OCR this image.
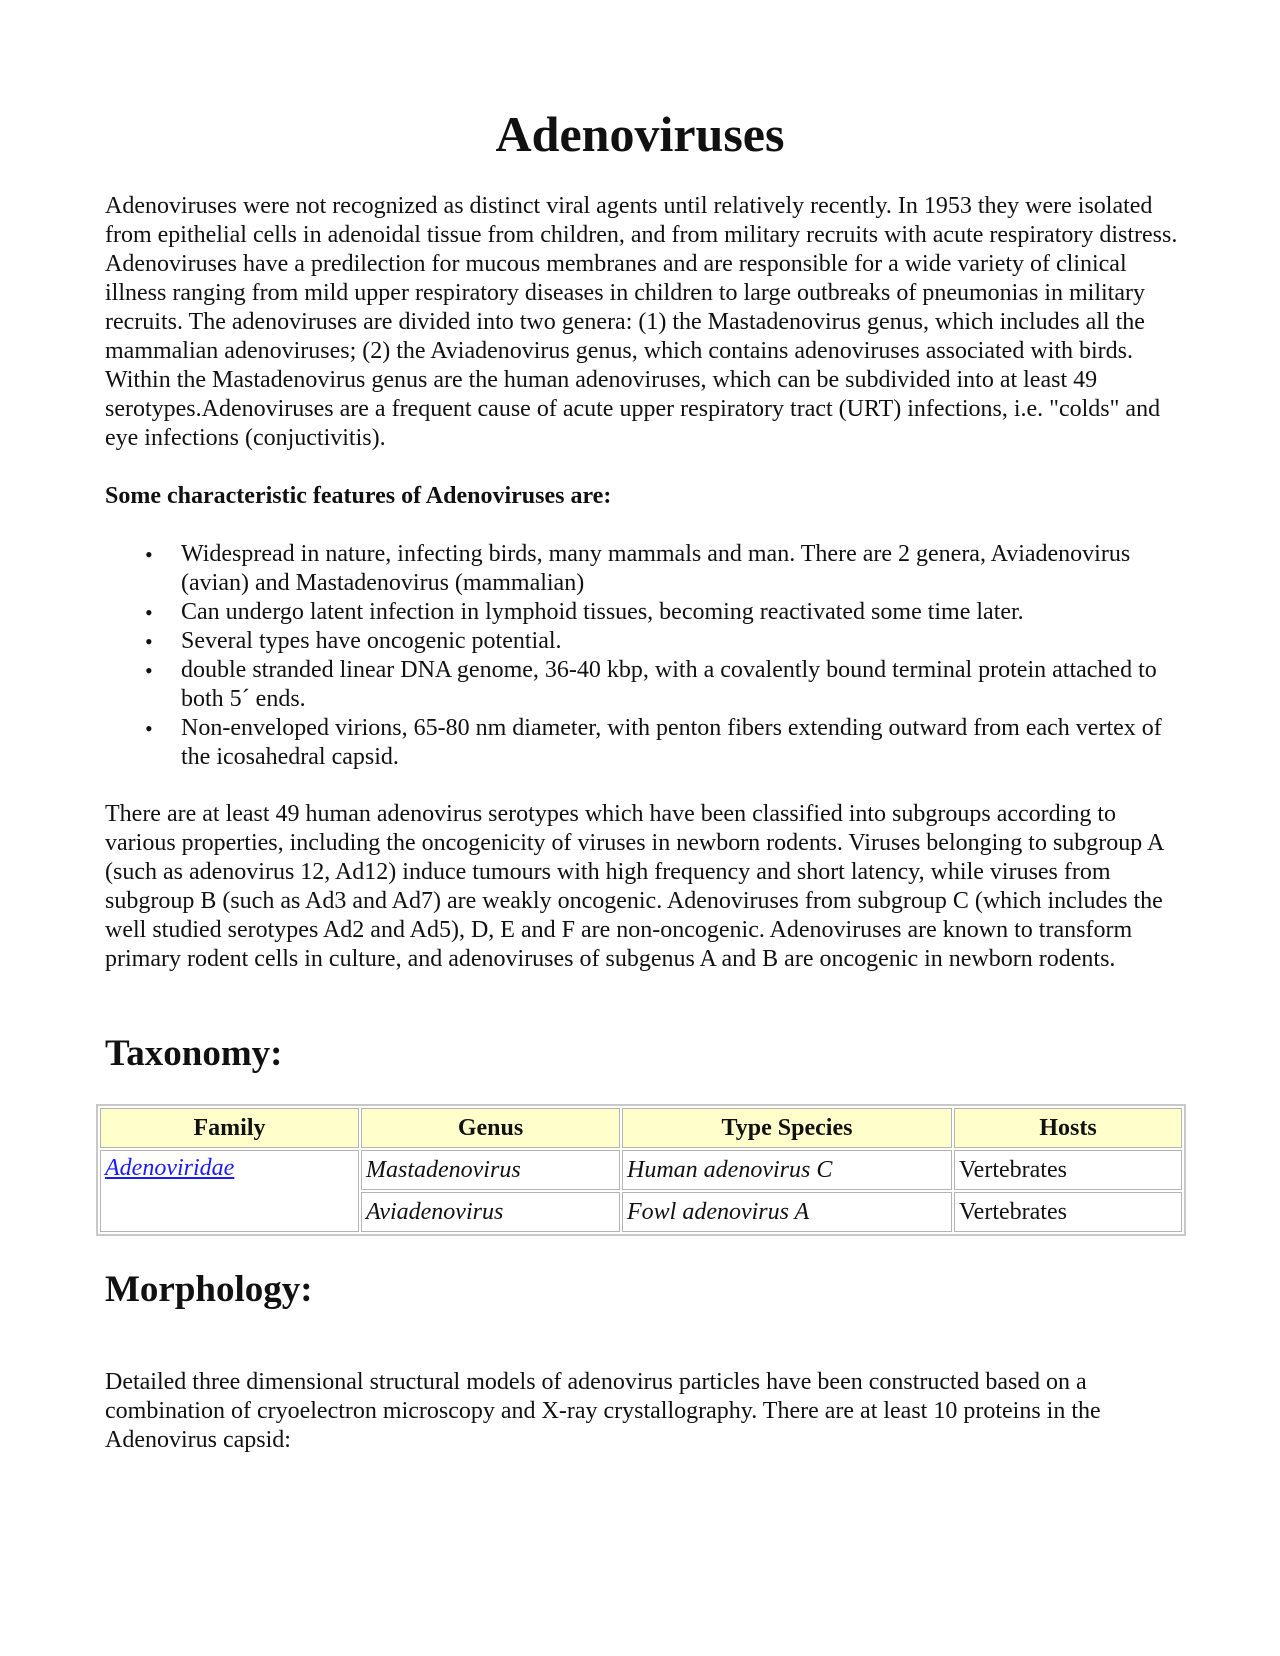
Adenoviruses

Adenoviruses were not recognized as distinct viral agents until relatively recently. In 1953 they were isolated from epithelial cells in adenoidal tissue from children, and from military recruits with acute respiratory distress. Adenoviruses have a predilection for mucous membranes and are responsible for a wide variety of clinical illness ranging from mild upper respiratory diseases in children to large outbreaks of pneumonias in military recruits. The adenoviruses are divided into two genera: (1) the Mastadenovirus genus, which includes all the mammalian adenoviruses; (2) the Aviadenovirus genus, which contains adenoviruses associated with birds. Within the Mastadenovirus genus are the human adenoviruses, which can be subdivided into at least 49 serotypes.Adenoviruses are a frequent cause of acute upper respiratory tract (URT) infections, i.e. "colds" and eye infections (conjuctivitis).

Some characteristic features of Adenoviruses are:

• Widespread in nature, infecting birds, many mammals and man. There are 2 genera, Aviadenovirus (avian) and Mastadenovirus (mammalian)
• Can undergo latent infection in lymphoid tissues, becoming reactivated some time later.
• Several types have oncogenic potential.
• double stranded linear DNA genome, 36-40 kbp, with a covalently bound terminal protein attached to both 5´ ends.
• Non-enveloped virions, 65-80 nm diameter, with penton fibers extending outward from each vertex of the icosahedral capsid.

There are at least 49 human adenovirus serotypes which have been classified into subgroups according to various properties, including the oncogenicity of viruses in newborn rodents. Viruses belonging to subgroup A (such as adenovirus 12, Ad12) induce tumours with high frequency and short latency, while viruses from subgroup B (such as Ad3 and Ad7) are weakly oncogenic. Adenoviruses from subgroup C (which includes the well studied serotypes Ad2 and Ad5), D, E and F are non-oncogenic. Adenoviruses are known to transform primary rodent cells in culture, and adenoviruses of subgenus A and B are oncogenic in newborn rodents.

Taxonomy:
Family	Genus	Type Species	Hosts
Adenoviridae	Mastadenovirus	Human adenovirus C	Vertebrates
	Aviadenovirus	Fowl adenovirus A	Vertebrates
Morphology:

Detailed three dimensional structural models of adenovirus particles have been constructed based on a combination of cryoelectron microscopy and X-ray crystallography. There are at least 10 proteins in the Adenovirus capsid:
